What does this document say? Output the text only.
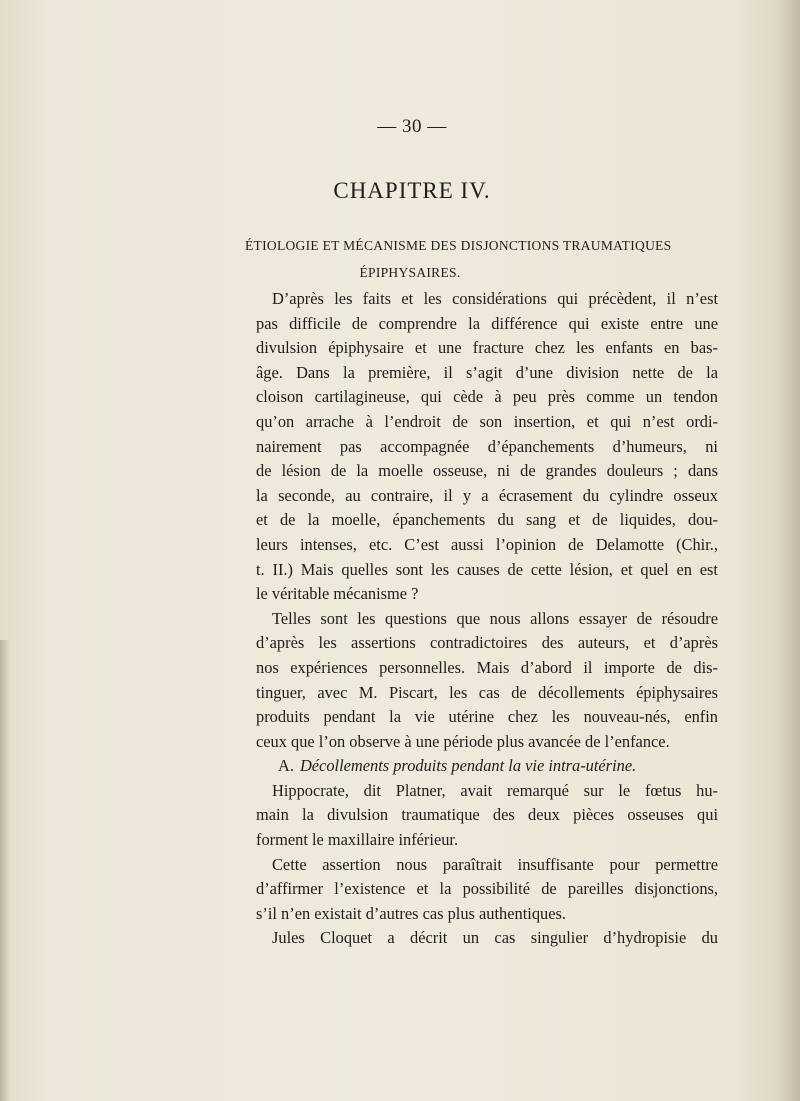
— 30 —
CHAPITRE IV.
ÉTIOLOGIE ET MÉCANISME DES DISJONCTIONS TRAUMATIQUES
ÉPIPHYSAIRES.
D’après les faits et les considérations qui précèdent, il n’est
pas difficile de comprendre la différence qui existe entre une
divulsion épiphysaire et une fracture chez les enfants en bas-
âge. Dans la première, il s’agit d’une division nette de la
cloison cartilagineuse, qui cède à peu près comme un tendon
qu’on arrache à l’endroit de son insertion, et qui n’est ordi-
nairement pas accompagnée d’épanchements d’humeurs, ni
de lésion de la moelle osseuse, ni de grandes douleurs ; dans
la seconde, au contraire, il y a écrasement du cylindre osseux
et de la moelle, épanchements du sang et de liquides, dou-
leurs intenses, etc. C’est aussi l’opinion de Delamotte (Chir.,
t. II.) Mais quelles sont les causes de cette lésion, et quel en est
le véritable mécanisme ?
Telles sont les questions que nous allons essayer de résoudre
d’après les assertions contradictoires des auteurs, et d’après
nos expériences personnelles. Mais d’abord il importe de dis-
tinguer, avec M. Piscart, les cas de décollements épiphysaires
produits pendant la vie utérine chez les nouveau-nés, enfin
ceux que l’on observe à une période plus avancée de l’enfance.
A. Décollements produits pendant la vie intra-utérine.
Hippocrate, dit Platner, avait remarqué sur le fœtus hu-
main la divulsion traumatique des deux pièces osseuses qui
forment le maxillaire inférieur.
Cette assertion nous paraîtrait insuffisante pour permettre
d’affirmer l’existence et la possibilité de pareilles disjonctions,
s’il n’en existait d’autres cas plus authentiques.
Jules Cloquet a décrit un cas singulier d’hydropisie du
